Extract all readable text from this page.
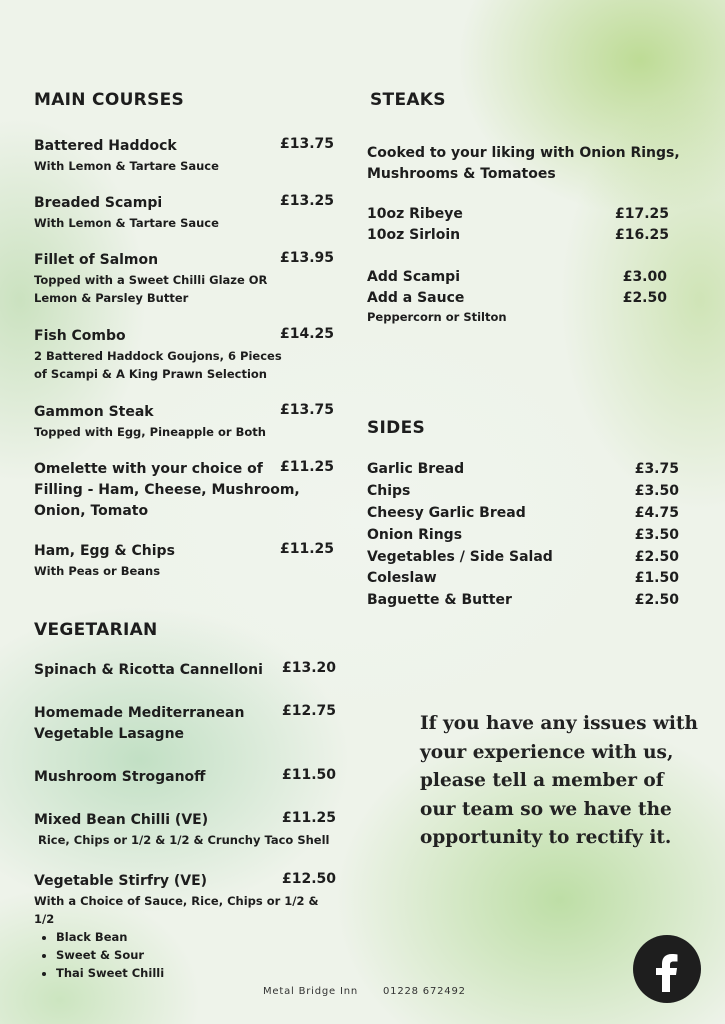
MAIN COURSES
Battered Haddock	£13.75
With Lemon & Tartare Sauce
Breaded Scampi	£13.25
With Lemon & Tartare Sauce
Fillet of Salmon	£13.95
Topped with a Sweet Chilli Glaze OR
Lemon & Parsley Butter
Fish Combo	£14.25
2 Battered Haddock Goujons, 6 Pieces
of Scampi & A King Prawn Selection
Gammon Steak	£13.75
Topped with Egg, Pineapple or Both
Omelette with your choice of
Filling - Ham, Cheese, Mushroom,
Onion, Tomato
£11.25
Ham, Egg & Chips	£11.25
With Peas or Beans
VEGETARIAN
Spinach & Ricotta Cannelloni	£13.20
Homemade Mediterranean
Vegetable Lasagne
£12.75
Mushroom Stroganoff	£11.50
Mixed Bean Chilli (VE)	£11.25
Rice, Chips or 1/2 & 1/2 & Crunchy Taco Shell
Vegetable Stirfry (VE)	£12.50
With a Choice of Sauce, Rice, Chips or 1/2 & 1/2
• Black Bean
• Sweet & Sour
• Thai Sweet Chilli
STEAKS
Cooked to your liking with Onion Rings,
Mushrooms & Tomatoes
10oz Ribeye	£17.25
10oz Sirloin	£16.25
Add Scampi	£3.00
Add a Sauce	£2.50
Peppercorn or Stilton
SIDES
Garlic Bread	£3.75
Chips	£3.50
Cheesy Garlic Bread	£4.75
Onion Rings	£3.50
Vegetables / Side Salad	£2.50
Coleslaw	£1.50
Baguette & Butter	£2.50
If you have any issues with your experience with us, please tell a member of our team so we have the opportunity to rectify it.
Metal Bridge Inn	01228 672492
